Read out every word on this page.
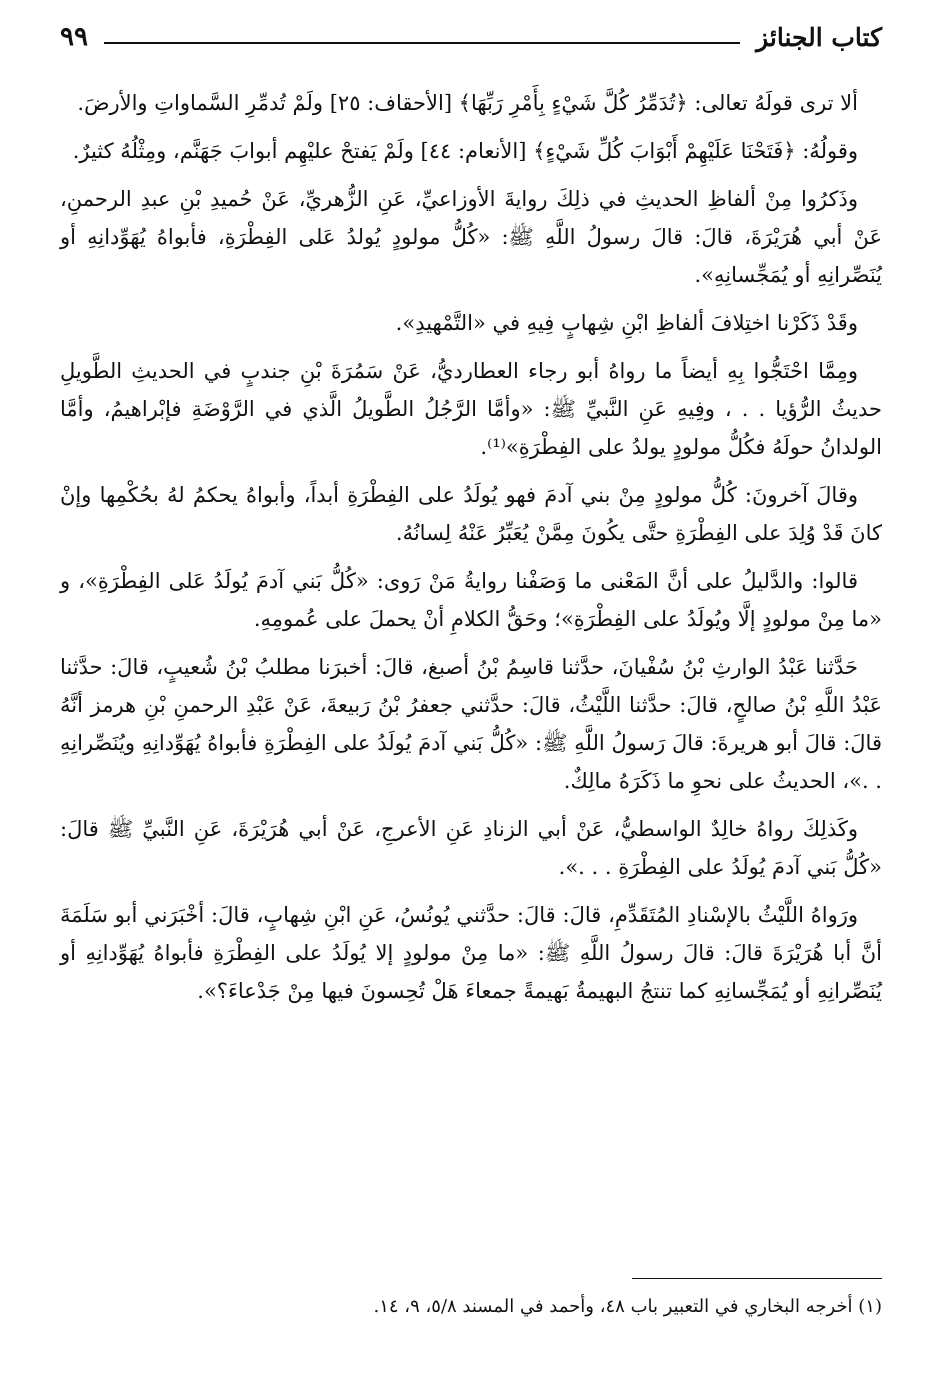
كتاب الجنائز
٩٩

ألا ترى قولَهُ تعالى: ﴿تُدَمِّرُ كُلَّ شَيْءٍ بِأَمْرِ رَبِّهَا﴾ [الأحقاف: ٢٥] ولَمْ تُدمِّرِ السَّماواتِ والأرضَ.

وقولُهُ: ﴿فَتَحْنَا عَلَيْهِمْ أَبْوَابَ كُلِّ شَيْءٍ﴾ [الأنعام: ٤٤] ولَمْ يَفتحْ عليْهِم أبوابَ جَهَنَّم، ومِثْلُهُ كثيرٌ.

وذَكرُوا مِنْ ألفاظِ الحديثِ في ذلِكَ روايةَ الأوزاعيِّ، عَنِ الزُّهريِّ، عَنْ حُميدِ بْنِ عبدِ الرحمنِ، عَنْ أبي هُرَيْرَةَ، قالَ: قالَ رسولُ اللَّهِ ﷺ: «كُلُّ مولودٍ يُولدُ عَلى الفِطْرَةِ، فأبواهُ يُهَوِّدانِهِ أو يُنَصِّرانِهِ أو يُمَجِّسانِهِ».

وقَدْ ذَكَرْنا اختِلافَ ألفاظِ ابْنِ شِهابٍ فِيهِ في «التَّمْهيدِ».

ومِمَّا احْتَجُّوا بِهِ أيضاً ما رواهُ أبو رجاء العطارديُّ، عَنْ سَمُرَةَ بْنِ جندبٍ في الحديثِ الطَّويلِ حديثُ الرُّؤيا . . ، وفِيهِ عَنِ النَّبيِّ ﷺ: «وأمَّا الرَّجُلُ الطَّويلُ الَّذي في الرَّوْضَةِ فإبْراهيمُ، وأمَّا الولدانُ حولَهُ فكُلُّ مولودٍ يولدُ على الفِطْرَةِ»⁽¹⁾.

وقالَ آخرونَ: كُلُّ مولودٍ مِنْ بني آدمَ فهو يُولَدُ على الفِطْرَةِ أبداً، وأبواهُ يحكمُ لهُ بحُكْمِها وإنْ كانَ قَدْ وُلِدَ على الفِطْرَةِ حتَّى يكُونَ مِمَّنْ يُعَبِّرُ عَنْهُ لِسانُهُ.

قالوا: والدَّليلُ على أنَّ المَعْنى ما وَصَفْنا روايةُ مَنْ رَوى: «كُلُّ بَني آدمَ يُولَدُ عَلى الفِطْرَةِ»، و «ما مِنْ مولودٍ إلَّا ويُولَدُ على الفِطْرَةِ»؛ وحَقُّ الكلامِ أنْ يحملَ على عُمومِهِ.

حَدَّثنا عَبْدُ الوارثِ بْنُ سُفْيانَ، حدَّثنا قاسِمُ بْنُ أصبغ، قالَ: أخبرَنا مطلبُ بْنُ شُعيبٍ، قالَ: حدَّثنا عَبْدُ اللَّهِ بْنُ صالحٍ، قالَ: حدَّثنا اللَّيْثُ، قالَ: حدَّثني جعفرُ بْنُ رَبيعةَ، عَنْ عَبْدِ الرحمنِ بْنِ هرمز أنَّهُ قالَ: قالَ أبو هريرةَ: قالَ رَسولُ اللَّهِ ﷺ: «كُلُّ بَني آدمَ يُولَدُ على الفِطْرَةِ فأبواهُ يُهَوِّدانِهِ ويُنَصِّرانِهِ . .»، الحديثُ على نحوِ ما ذَكَرَهُ مالِكٌ.

وكَذلِكَ رواهُ خالِدٌ الواسطيُّ، عَنْ أبي الزنادِ عَنِ الأعرجِ، عَنْ أبي هُرَيْرَةَ، عَنِ النَّبيِّ ﷺ قالَ: «كُلُّ بَني آدمَ يُولَدُ على الفِطْرَةِ . . .».

ورَواهُ اللَّيْثُ بالإسْنادِ المُتَقَدِّمِ، قالَ: قالَ: حدَّثني يُونُسُ، عَنِ ابْنِ شِهابٍ، قالَ: أخْبَرَني أبو سَلَمَةَ أنَّ أبا هُرَيْرَةَ قالَ: قالَ رسولُ اللَّهِ ﷺ: «ما مِنْ مولودٍ إلا يُولَدُ على الفِطْرَةِ فأبواهُ يُهَوِّدانِهِ أو يُنَصِّرانِهِ أو يُمَجِّسانِهِ كما تنتجُ البهيمةُ بَهيمةً جمعاءَ هَلْ تُحِسونَ فيها مِنْ جَدْعاءَ؟».

(١) أخرجه البخاري في التعبير باب ٤٨، وأحمد في المسند ٥/٨، ٩، ١٤.
